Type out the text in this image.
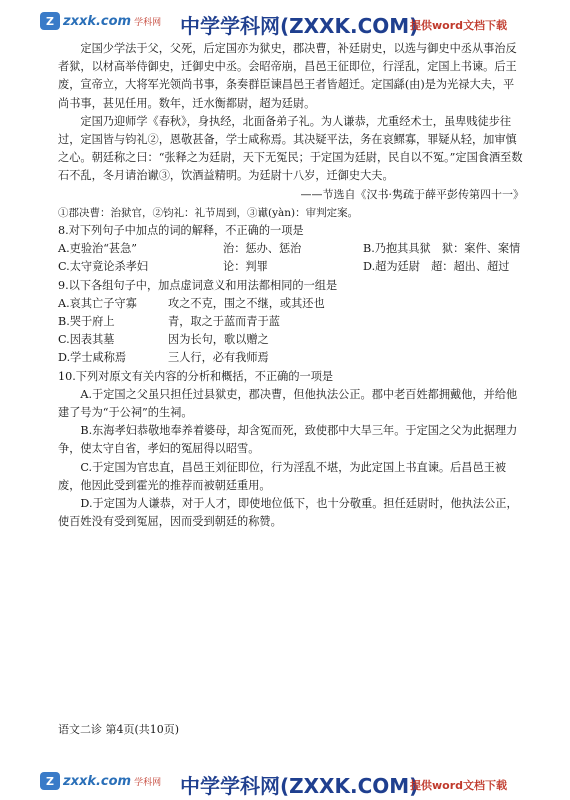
Z zxxk.com 学科网 中学学科网(ZXXK.COM)
提供word文档下载

定国少学法于父，父死，后定国亦为狱史，郡决曹，补廷尉史，以选与御史中丞从事治反者狱，以材高举侍御史，迁御史中丞。会昭帝崩，昌邑王征即位，行淫乱，定国上书谏。后王废，宣帝立，大将军光领尚书事，条奏群臣谏昌邑王者皆超迁。定国繇(由)是为光禄大夫，平尚书事，甚见任用。数年，迁水衡都尉，超为廷尉。

定国乃迎师学《春秋》，身执经，北面备弟子礼。为人谦恭，尤重经术士，虽卑贱徒步往过，定国皆与钧礼②，恩敬甚备，学士咸称焉。其决疑平法，务在哀鳏寡，罪疑从轻，加审慎之心。朝廷称之曰：“张释之为廷尉，天下无冤民；于定国为廷尉，民自以不冤。”定国食酒至数石不乱，冬月请治谳③，饮酒益精明。为廷尉十八岁，迁御史大夫。

——节选自《汉书·隽疏于薛平彭传第四十一》

①郡决曹：治狱官，②钧礼：礼节周到，③谳(yàn)：审判定案。

8.对下列句子中加点的词的解释，不正确的一项是

A.吏验治“甚急”	治：惩办、惩治	B.乃抱其具狱　 狱：案件、案情
C.太守竟论杀孝妇	论：判罪	D.超为廷尉　 超：超出、超过

9.以下各组句子中，加点虚词意义和用法都相同的一组是

A.哀其亡子守寡	攻之不克，围之不继，或其还也
B.哭于府上	青，取之于蓝而青于蓝
C.因表其墓	因为长句，歌以赠之
D.学士咸称焉	三人行，必有我师焉

10.下列对原文有关内容的分析和概括，不正确的一项是

A.于定国之父虽只担任过县狱吏，郡决曹，但他执法公正。郡中老百姓都拥戴他，并给他建了号为“于公祠”的生祠。

B.东海孝妇恭敬地奉养着婆母，却含冤而死，致使郡中大旱三年。于定国之父为此据理力争，使太守自省，孝妇的冤屈得以昭雪。

C.于定国为官忠直，昌邑王刘征即位，行为淫乱不堪，为此定国上书直谏。后昌邑王被废，他因此受到霍光的推荐而被朝廷重用。

D.于定国为人谦恭，对于人才，即使地位低下，也十分敬重。担任廷尉时，他执法公正，使百姓没有受到冤屈，因而受到朝廷的称赞。

语文二诊 第4页(共10页)
Z zxxk.com 学科网 中学学科网(ZXXK.COM)
提供word文档下载
